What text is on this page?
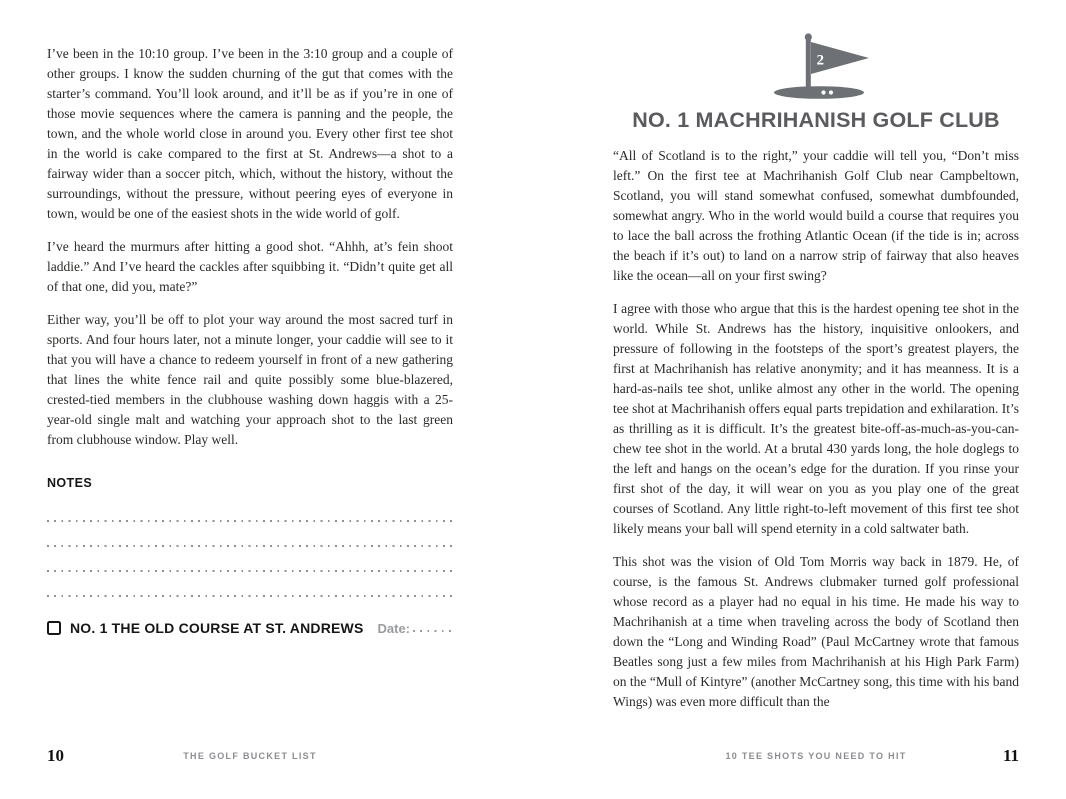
I’ve been in the 10:10 group. I’ve been in the 3:10 group and a couple of other groups. I know the sudden churning of the gut that comes with the starter’s command. You’ll look around, and it’ll be as if you’re in one of those movie sequences where the camera is panning and the people, the town, and the whole world close in around you. Every other first tee shot in the world is cake compared to the first at St. Andrews—a shot to a fairway wider than a soccer pitch, which, without the history, without the surroundings, without the pressure, without peering eyes of everyone in town, would be one of the easiest shots in the wide world of golf.

I’ve heard the murmurs after hitting a good shot. “Ahhh, at’s fein shoot laddie.” And I’ve heard the cackles after squibbing it. “Didn’t quite get all of that one, did you, mate?”

Either way, you’ll be off to plot your way around the most sacred turf in sports. And four hours later, not a minute longer, your caddie will see to it that you will have a chance to redeem yourself in front of a new gathering that lines the white fence rail and quite possibly some blue-blazered, crested-tied members in the clubhouse washing down haggis with a 25-year-old single malt and watching your approach shot to the last green from clubhouse window. Play well.

NOTES
NO. 1 THE OLD COURSE AT ST. ANDREWS Date:
2
NO. 1 MACHRIHANISH GOLF CLUB

“All of Scotland is to the right,” your caddie will tell you, “Don’t miss left.” On the first tee at Machrihanish Golf Club near Campbeltown, Scotland, you will stand somewhat confused, somewhat dumbfounded, somewhat angry. Who in the world would build a course that requires you to lace the ball across the frothing Atlantic Ocean (if the tide is in; across the beach if it’s out) to land on a narrow strip of fairway that also heaves like the ocean—all on your first swing?

I agree with those who argue that this is the hardest opening tee shot in the world. While St. Andrews has the history, inquisitive onlookers, and pressure of following in the footsteps of the sport’s greatest players, the first at Machrihanish has relative anonymity; and it has meanness. It is a hard-as-nails tee shot, unlike almost any other in the world. The opening tee shot at Machrihanish offers equal parts trepidation and exhilaration. It’s as thrilling as it is difficult. It’s the greatest bite-off-as-much-as-you-can-chew tee shot in the world. At a brutal 430 yards long, the hole doglegs to the left and hangs on the ocean’s edge for the duration. If you rinse your first shot of the day, it will wear on you as you play one of the great courses of Scotland. Any little right-to-left movement of this first tee shot likely means your ball will spend eternity in a cold saltwater bath.

This shot was the vision of Old Tom Morris way back in 1879. He, of course, is the famous St. Andrews clubmaker turned golf professional whose record as a player had no equal in his time. He made his way to Machrihanish at a time when traveling across the body of Scotland then down the “Long and Winding Road” (Paul McCartney wrote that famous Beatles song just a few miles from Machrihanish at his High Park Farm) on the “Mull of Kintyre” (another McCartney song, this time with his band Wings) was even more difficult than the

10	THE GOLF BUCKET LIST	10 TEE SHOTS YOU NEED TO HIT	11
